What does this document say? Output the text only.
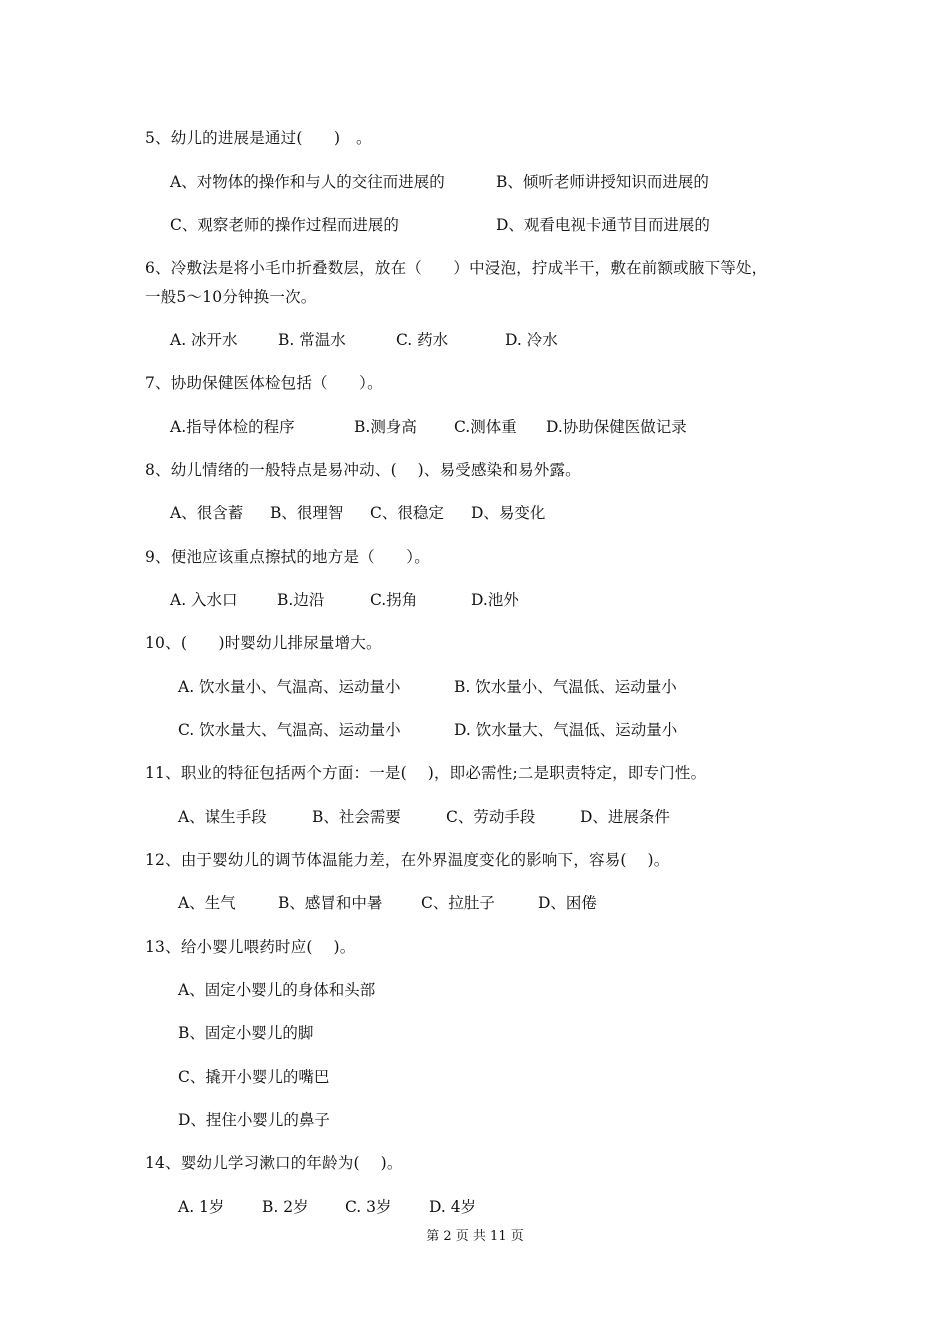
5、幼儿的进展是通过(　　)　。
A、对物体的操作和与人的交往而进展的	B、倾听老师讲授知识而进展的
C、观察老师的操作过程而进展的	D、观看电视卡通节目而进展的
6、冷敷法是将小毛巾折叠数层，放在（　　）中浸泡，拧成半干，敷在前额或腋下等处，
一般5～10分钟换一次。
A. 冰开水	B. 常温水	C. 药水	D. 冷水
7、协助保健医体检包括（　　）。
A.指导体检的程序	B.测身高 C.测体重 D.协助保健医做记录
8、幼儿情绪的一般特点是易冲动、(　 )、易受感染和易外露。
A、很含蓄 B、很理智 C、很稳定 D、易变化
9、便池应该重点擦拭的地方是（　　）。
A. 入水口	B.边沿	C.拐角	D.池外
10、(　　)时婴幼儿排尿量增大。
A. 饮水量小、气温高、运动量小	B. 饮水量小、气温低、运动量小
C. 饮水量大、气温高、运动量小	D. 饮水量大、气温低、运动量小
11、职业的特征包括两个方面：一是(　 )，即必需性;二是职责特定，即专门性。
A、谋生手段	B、社会需要	C、劳动手段	D、进展条件
12、由于婴幼儿的调节体温能力差，在外界温度变化的影响下，容易(　 )。
A、生气	B、感冒和中暑 C、拉肚子	D、困倦
13、给小婴儿喂药时应(　 )。
A、固定小婴儿的身体和头部
B、固定小婴儿的脚
C、撬开小婴儿的嘴巴
D、捏住小婴儿的鼻子
14、婴幼儿学习漱口的年龄为(　 )。
A. 1岁 B. 2岁 C. 3岁 D. 4岁
第 2 页 共 11 页
